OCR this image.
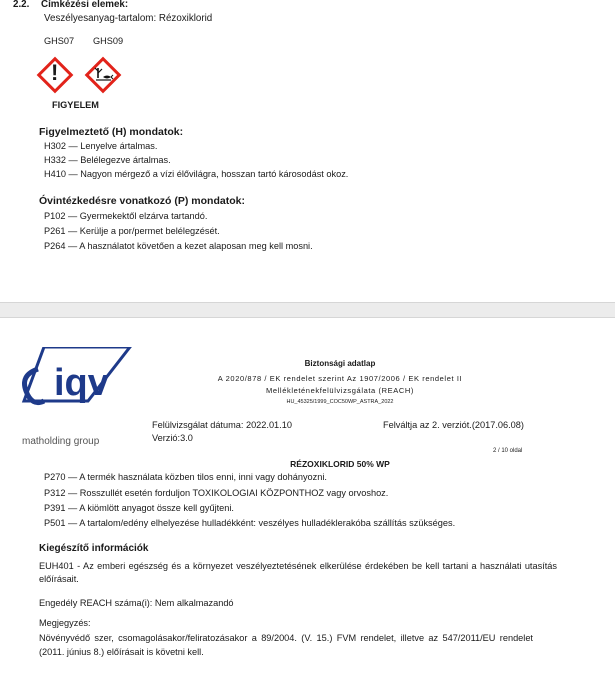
2.2. Címkézési elemek:
Veszélyesanyag-tartalom: Rézoxiklorid
GHS07 GHS09
!
FIGYELEM
Figyelmeztető (H) mondatok:
H302 — Lenyelve ártalmas.
H332 — Belélegezve ártalmas.
H410 — Nagyon mérgező a vízi élővilágra, hosszan tartó károsodást okoz.
Óvintézkedésre vonatkozó (P) mondatok:
P102 — Gyermekektől elzárva tartandó.
P261 — Kerülje a por/permet belélegzését.
P264 — A használatot követően a kezet alaposan meg kell mosni.
iqv
matholding group
Biztonsági adatlap
A 2020/878 / EK rendelet szerint Az 1907/2006 / EK rendelet II
Mellékleténekfelülvizsgálata (REACH)
HU_45325/1999_COC50WP_ASTRA_2022
Felülvizsgálat dátuma: 2022.01.10	Felváltja az 2. verziót.(2017.06.08)
Verzió:3.0
2 / 10 oldal
RÉZOXIKLORID 50% WP
P270 — A termék használata közben tilos enni, inni vagy dohányozni.
P312 — Rosszullét esetén forduljon TOXIKOLOGIAI KÖZPONTHOZ vagy orvoshoz.
P391 — A kiömlött anyagot össze kell gyűjteni.
P501 — A tartalom/edény elhelyezése hulladékként: veszélyes hulladéklerakóba szállítás szükséges.
Kiegészítő információk
EUH401 - Az emberi egészség és a környezet veszélyeztetésének elkerülése érdekében be kell tartani a használati utasítás előírásait.
Engedély REACH száma(i): Nem alkalmazandó
Megjegyzés:
Növényvédő szer, csomagolásakor/feliratozásakor a 89/2004. (V. 15.) FVM rendelet, illetve az 547/2011/EU rendelet (2011. június 8.) előírásait is követni kell.
